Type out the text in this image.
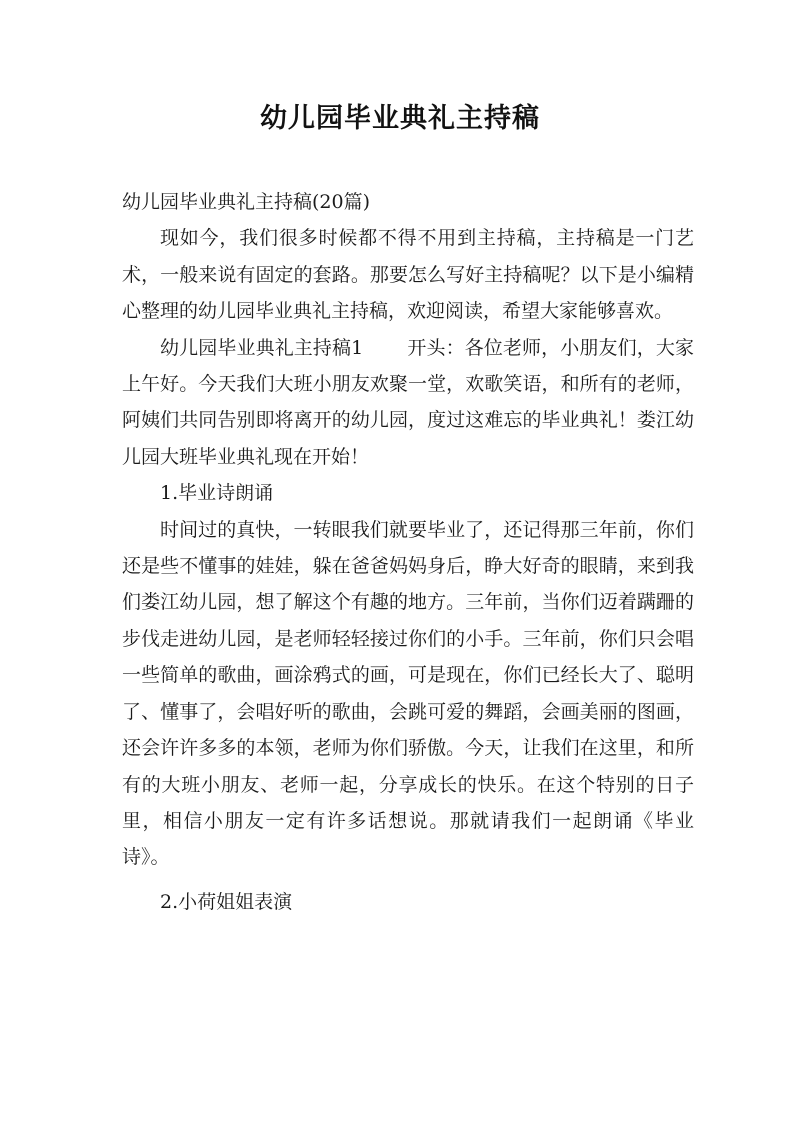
幼儿园毕业典礼主持稿

幼儿园毕业典礼主持稿(20篇)

现如今，我们很多时候都不得不用到主持稿，主持稿是一门艺术，一般来说有固定的套路。那要怎么写好主持稿呢？以下是小编精心整理的幼儿园毕业典礼主持稿，欢迎阅读，希望大家能够喜欢。

幼儿园毕业典礼主持稿1 开头：各位老师，小朋友们，大家上午好。今天我们大班小朋友欢聚一堂，欢歌笑语，和所有的老师，阿姨们共同告别即将离开的幼儿园，度过这难忘的毕业典礼！娄江幼儿园大班毕业典礼现在开始！

1.毕业诗朗诵

时间过的真快，一转眼我们就要毕业了，还记得那三年前，你们还是些不懂事的娃娃，躲在爸爸妈妈身后，睁大好奇的眼睛，来到我们娄江幼儿园，想了解这个有趣的地方。三年前，当你们迈着蹒跚的步伐走进幼儿园，是老师轻轻接过你们的小手。三年前，你们只会唱一些简单的歌曲，画涂鸦式的画，可是现在，你们已经长大了、聪明了、懂事了，会唱好听的歌曲，会跳可爱的舞蹈，会画美丽的图画，还会许许多多的本领，老师为你们骄傲。今天，让我们在这里，和所有的大班小朋友、老师一起，分享成长的快乐。在这个特别的日子里，相信小朋友一定有许多话想说。那就请我们一起朗诵《毕业诗》。

2.小荷姐姐表演
